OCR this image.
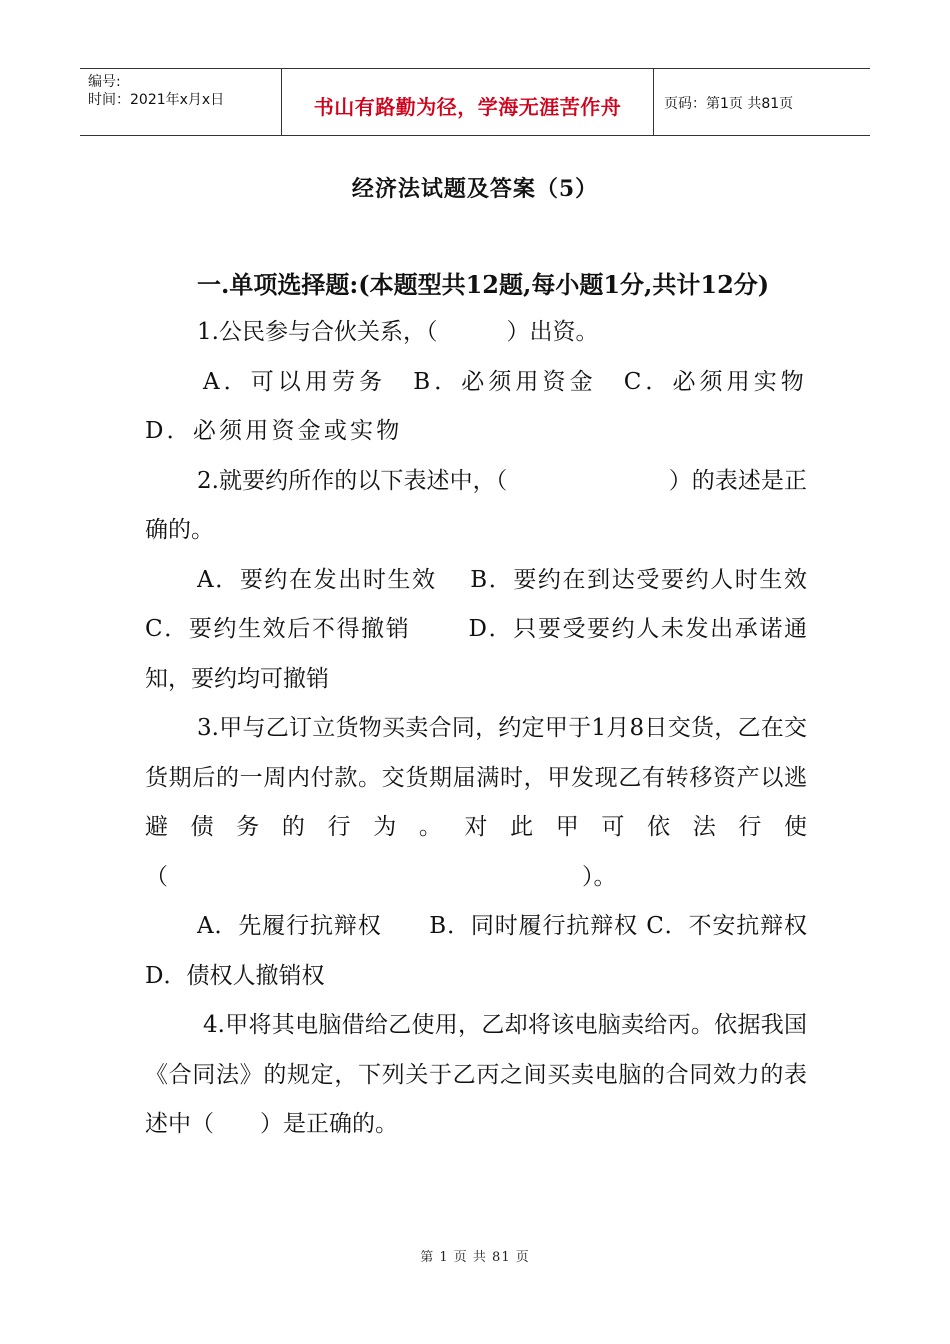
编号:
时间：2021年x月x日	书山有路勤为径，学海无涯苦作舟	页码：第1页 共81页
经济法试题及答案（5）

一.单项选择题:(本题型共12题,每小题1分,共计12分)

1.公民参与合伙关系，（　　　）出资。

A．可以用劳务　B．必须用资金　C．必须用实物　D．必须用资金或实物

2.就要约所作的以下表述中，（　　　　　　　）的表述是正确的。

A．要约在发出时生效　 B．要约在到达受要约人时生效　 C．要约生效后不得撤销　　 D．只要受要约人未发出承诺通知，要约均可撤销

3.甲与乙订立货物买卖合同，约定甲于1月8日交货，乙在交货期后的一周内付款。交货期届满时，甲发现乙有转移资产以逃避债务的行为。对此甲可依法行使（　　　　　　　　　　　　　　　　　　）。

A．先履行抗辩权　　B．同时履行抗辩权 C．不安抗辩权　　D．债权人撤销权

4.甲将其电脑借给乙使用，乙却将该电脑卖给丙。依据我国《合同法》的规定，下列关于乙丙之间买卖电脑的合同效力的表述中（　　）是正确的。

第 1 页 共 81 页
